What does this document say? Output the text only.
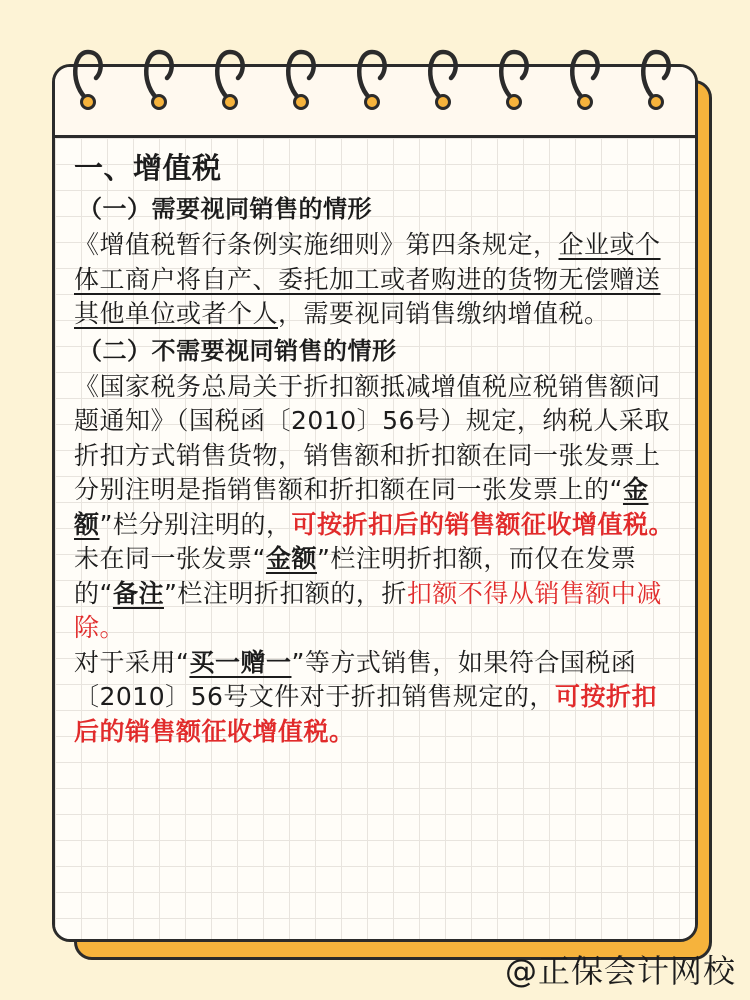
一、增值税

（一）需要视同销售的情形

《增值税暂行条例实施细则》第四条规定，企业或个体工商户将自产、委托加工或者购进的货物无偿赠送其他单位或者个人，需要视同销售缴纳增值税。

（二）不需要视同销售的情形

《国家税务总局关于折扣额抵减增值税应税销售额问题通知》（国税函〔2010〕56号）规定，纳税人采取折扣方式销售货物，销售额和折扣额在同一张发票上分别注明是指销售额和折扣额在同一张发票上的“金额”栏分别注明的，可按折扣后的销售额征收增值税。

未在同一张发票“金额”栏注明折扣额，而仅在发票的“备注”栏注明折扣额的，折扣额不得从销售额中减除。

对于采用“买一赠一”等方式销售，如果符合国税函〔2010〕56号文件对于折扣销售规定的，可按折扣后的销售额征收增值税。

@正保会计网校
